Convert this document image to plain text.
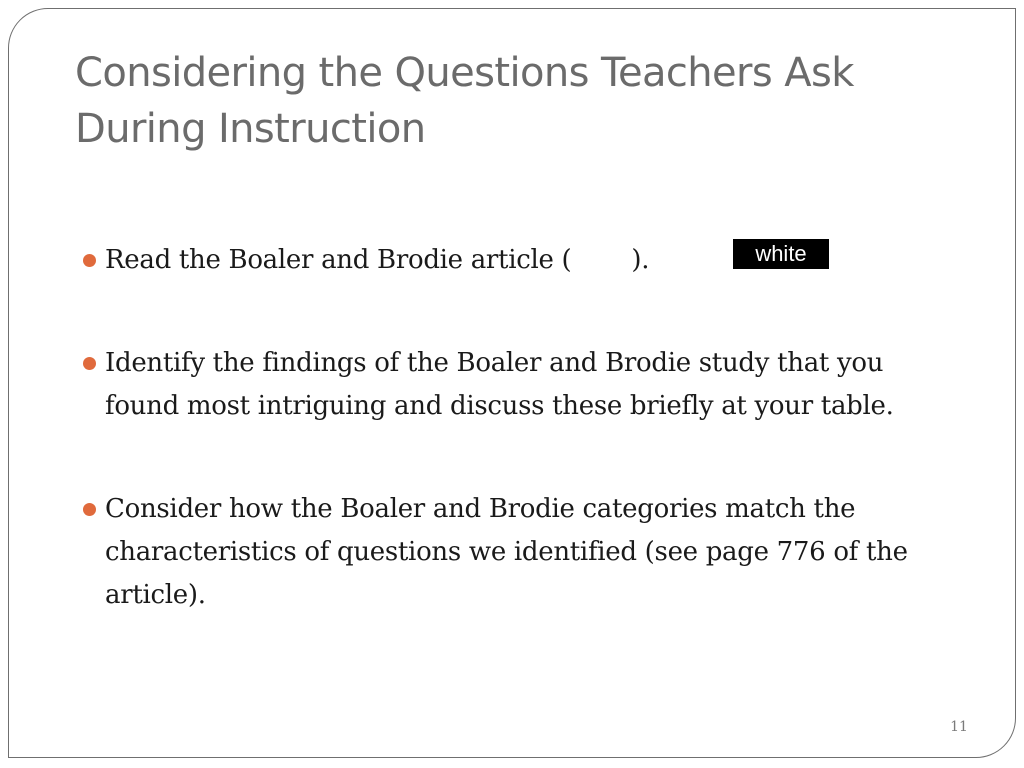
Considering the Questions Teachers Ask During Instruction
Read the Boaler and Brodie article ( ).
Identify the findings of the Boaler and Brodie study that you found most intriguing and discuss these briefly at your table.
Consider how the Boaler and Brodie categories match the characteristics of questions we identified (see page 776 of the article).
11
white
